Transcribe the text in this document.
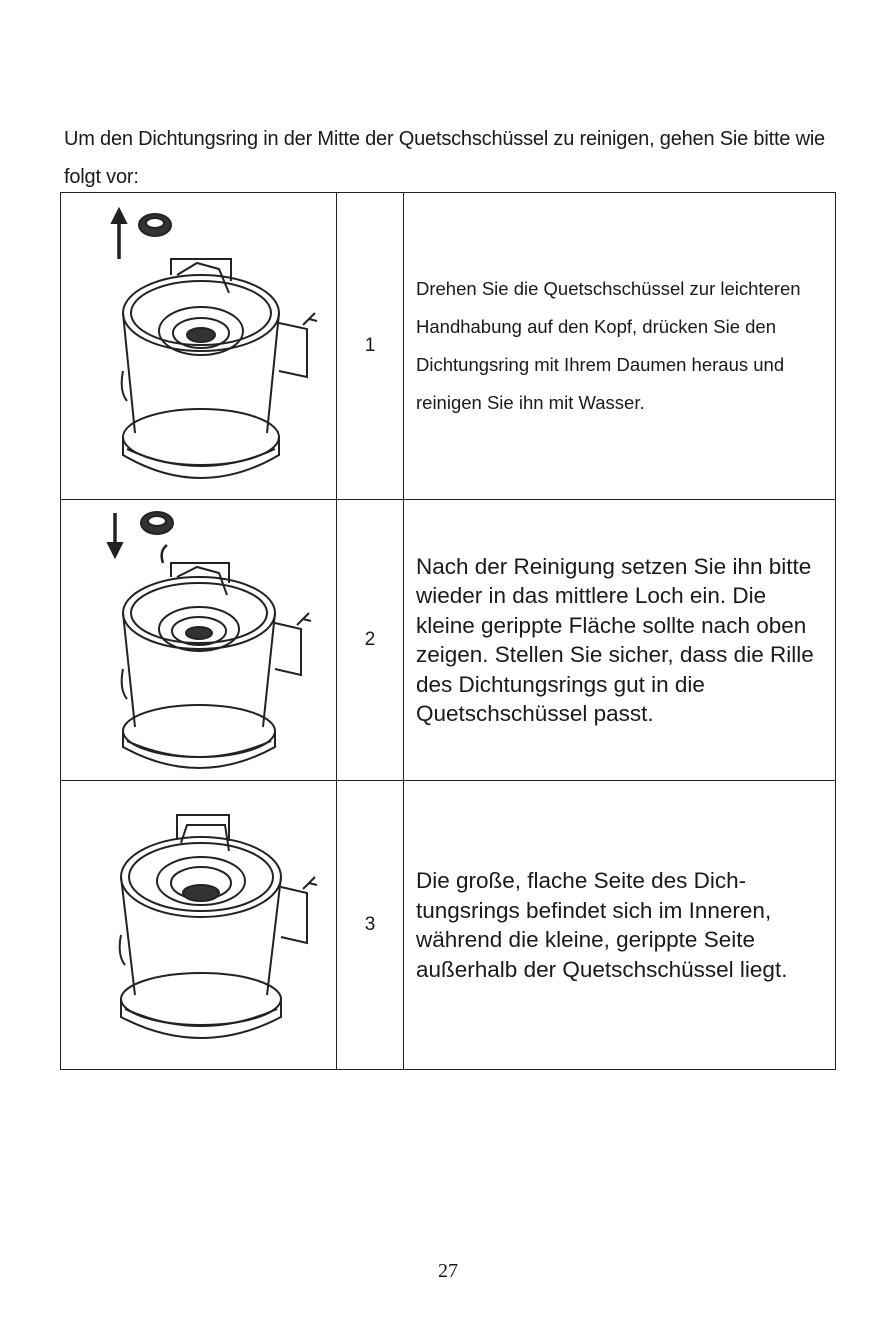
Um den Dichtungsring in der Mitte der Quetschschüssel zu reinigen, gehen Sie bitte wie folgt vor:

	1	Drehen Sie die Quetschschüssel zur leichteren Handhabung auf den Kopf, drücken Sie den Dichtungsring mit Ihrem Daumen heraus und reinigen Sie ihn mit Wasser.

	2	Nach der Reinigung setzen Sie ihn bitte wieder in das mittlere Loch ein. Die kleine gerippte Fläche sollte nach oben zeigen. Stellen Sie sicher, dass die Rille des Dichtungsrings gut in die Quetschschüssel passt.

	3	Die große, flache Seite des Dich-tungsrings befindet sich im Inneren, während die kleine, gerippte Seite außerhalb der Quetschschüssel liegt.
27
